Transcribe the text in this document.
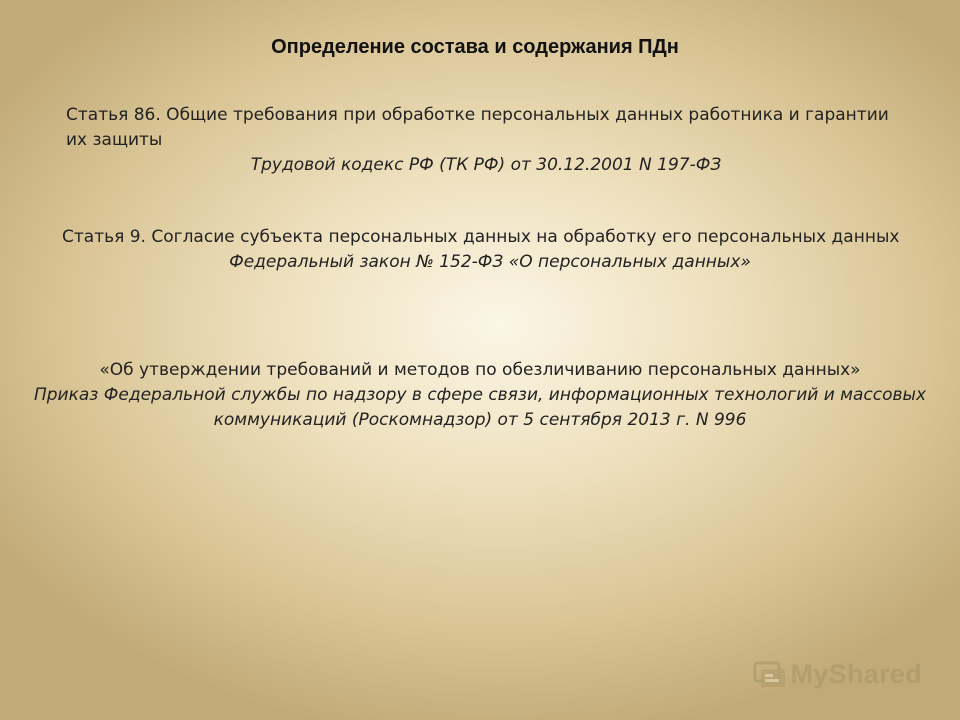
Определение состава и содержания ПДн
Статья 86. Общие требования при обработке персональных данных работника и гарантии их защиты
Трудовой кодекс РФ (ТК РФ) от 30.12.2001 N 197-ФЗ
Статья 9. Согласие субъекта персональных данных на обработку его персональных данных
Федеральный закон № 152-ФЗ «О персональных данных»
«Об утверждении требований и методов по обезличиванию персональных данных»
Приказ Федеральной службы по надзору в сфере связи, информационных технологий и массовых коммуникаций (Роскомнадзор) от 5 сентября 2013 г. N 996
MyShared
